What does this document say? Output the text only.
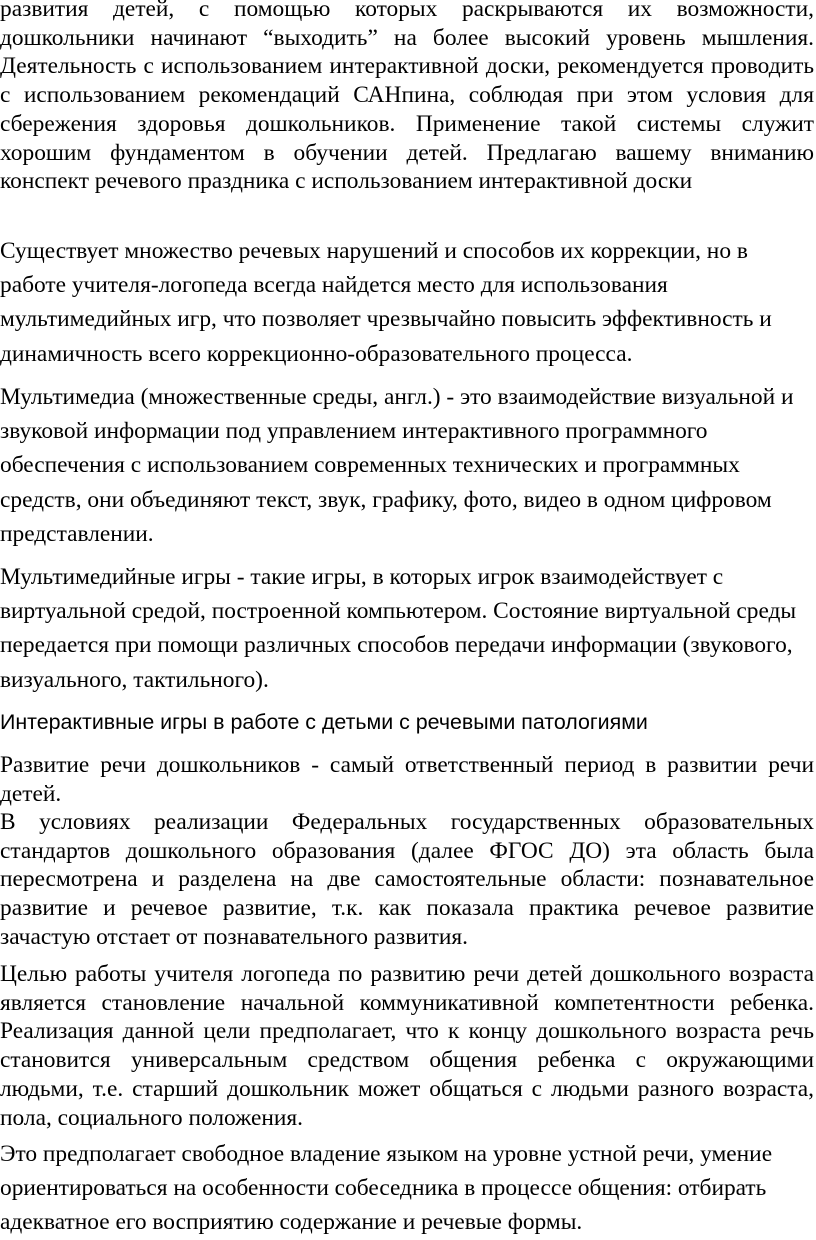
развития детей, с помощью которых раскрываются их возможности, дошкольники начинают “выходить” на более высокий уровень мышления. Деятельность с использованием интерактивной доски, рекомендуется проводить с использованием рекомендаций САНпина, соблюдая при этом условия для сбережения здоровья дошкольников. Применение такой системы служит хорошим фундаментом в обучении детей. Предлагаю вашему вниманию конспект речевого праздника с использованием интерактивной доски

Существует множество речевых нарушений и способов их коррекции, но в работе учителя-логопеда всегда найдется место для использования мультимедийных игр, что позволяет чрезвычайно повысить эффективность и динамичность всего коррекционно-образовательного процесса.

Мультимедиа (множественные среды, англ.) - это взаимодействие визуальной и звуковой информации под управлением интерактивного программного обеспечения с использованием современных технических и программных средств, они объединяют текст, звук, графику, фото, видео в одном цифровом представлении.

Мультимедийные игры - такие игры, в которых игрок взаимодействует с виртуальной средой, построенной компьютером. Состояние виртуальной среды передается при помощи различных способов передачи информации (звукового, визуального, тактильного).

Интерактивные игры в работе с детьми с речевыми патологиями

Развитие речи дошкольников - самый ответственный период в развитии речи детей.

В условиях реализации Федеральных государственных образовательных стандартов дошкольного образования (далее ФГОС ДО) эта область была пересмотрена и разделена на две самостоятельные области: познавательное развитие и речевое развитие, т.к. как показала практика речевое развитие зачастую отстает от познавательного развития.

Целью работы учителя логопеда по развитию речи детей дошкольного возраста является становление начальной коммуникативной компетентности ребенка. Реализация данной цели предполагает, что к концу дошкольного возраста речь становится универсальным средством общения ребенка с окружающими людьми, т.е. старший дошкольник может общаться с людьми разного возраста, пола, социального положения.

Это предполагает свободное владение языком на уровне устной речи, умение ориентироваться на особенности собеседника в процессе общения: отбирать адекватное его восприятию содержание и речевые формы.
